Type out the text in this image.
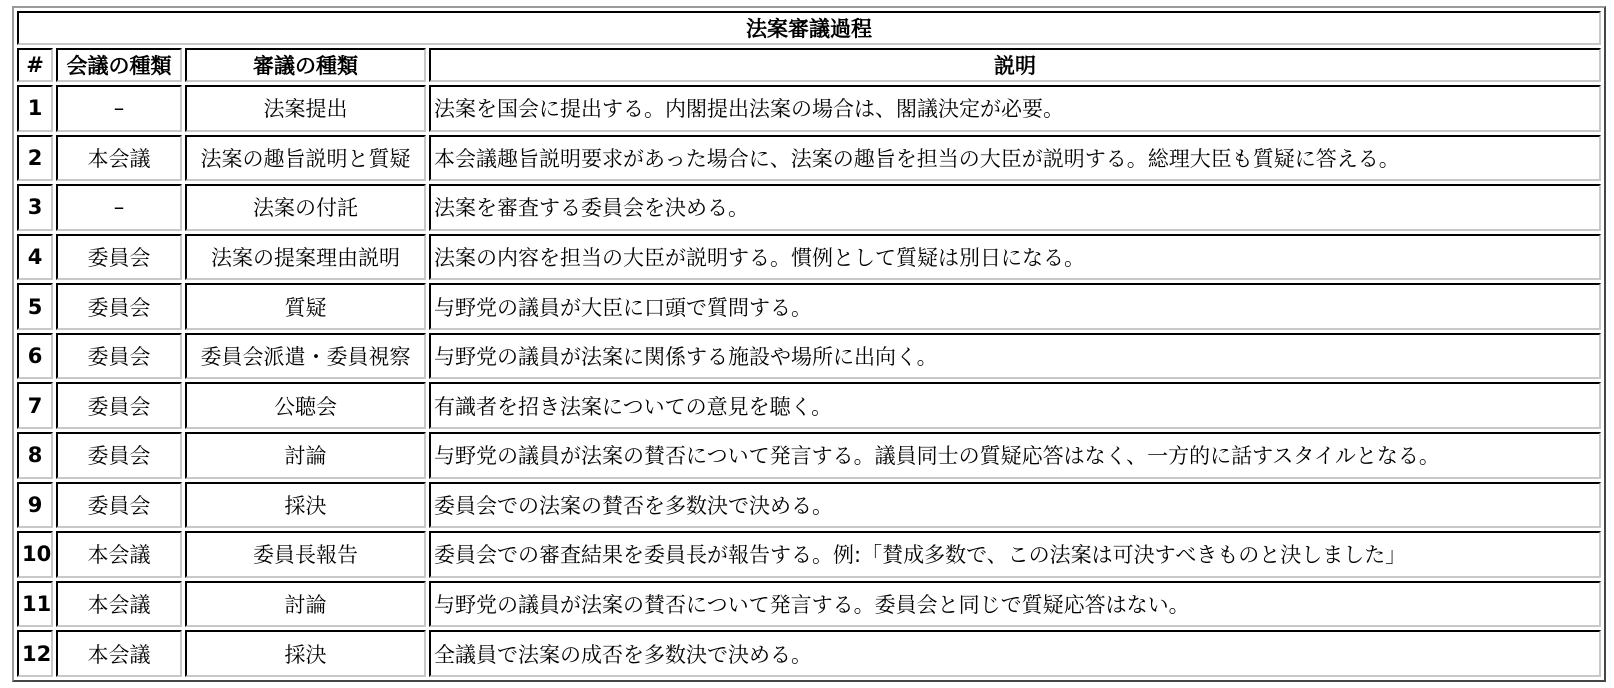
法案審議過程			
#	会議の種類	審議の種類	説明
1	–	法案提出	法案を国会に提出する。内閣提出法案の場合は、閣議決定が必要。
2	本会議	法案の趣旨説明と質疑	本会議趣旨説明要求があった場合に、法案の趣旨を担当の大臣が説明する。総理大臣も質疑に答える。
3	–	法案の付託	法案を審査する委員会を決める。
4	委員会	法案の提案理由説明	法案の内容を担当の大臣が説明する。慣例として質疑は別日になる。
5	委員会	質疑	与野党の議員が大臣に口頭で質問する。
6	委員会	委員会派遣・委員視察	与野党の議員が法案に関係する施設や場所に出向く。
7	委員会	公聴会	有識者を招き法案についての意見を聴く。
8	委員会	討論	与野党の議員が法案の賛否について発言する。議員同士の質疑応答はなく、一方的に話すスタイルとなる。
9	委員会	採決	委員会での法案の賛否を多数決で決める。
10	本会議	委員長報告	委員会での審査結果を委員長が報告する。例:「賛成多数で、この法案は可決すべきものと決しました」
11	本会議	討論	与野党の議員が法案の賛否について発言する。委員会と同じで質疑応答はない。
12	本会議	採決	全議員で法案の成否を多数決で決める。
